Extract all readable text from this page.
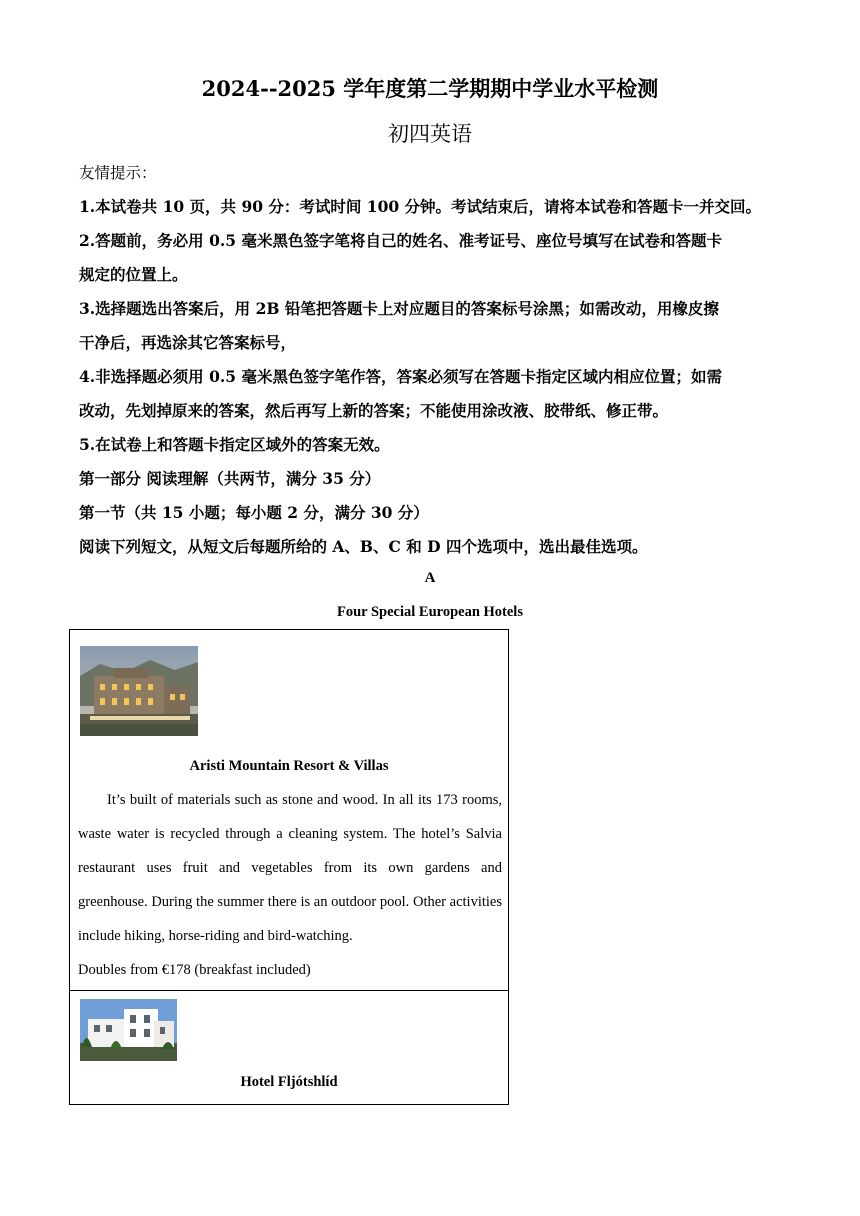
2024--2025 学年度第二学期期中学业水平检测
初四英语
友情提示：
1.本试卷共 10 页，共 90 分：考试时间 100 分钟。考试结束后，请将本试卷和答题卡一并交回。
2.答题前，务必用 0.5 毫米黑色签字笔将自己的姓名、准考证号、座位号填写在试卷和答题卡
规定的位置上。
3.选择题选出答案后，用 2B 铅笔把答题卡上对应题目的答案标号涂黑；如需改动，用橡皮擦
干净后，再选涂其它答案标号，
4.非选择题必须用 0.5 毫米黑色签字笔作答，答案必须写在答题卡指定区域内相应位置；如需
改动，先划掉原来的答案，然后再写上新的答案；不能使用涂改液、胶带纸、修正带。
5.在试卷上和答题卡指定区域外的答案无效。
第一部分 阅读理解（共两节，满分 35 分）
第一节（共 15 小题；每小题 2 分，满分 30 分）
阅读下列短文，从短文后每题所给的 A、B、C 和 D 四个选项中，选出最佳选项。
A
Four Special European Hotels
Aristi Mountain Resort & Villas
It’s built of materials such as stone and wood. In all its 173 rooms, waste water is recycled through a cleaning system. The hotel’s Salvia restaurant uses fruit and vegetables from its own gardens and greenhouse. During the summer there is an outdoor pool. Other activities include hiking, horse-riding and bird-watching.
Doubles from €178 (breakfast included)
Hotel Fljótshlíd
